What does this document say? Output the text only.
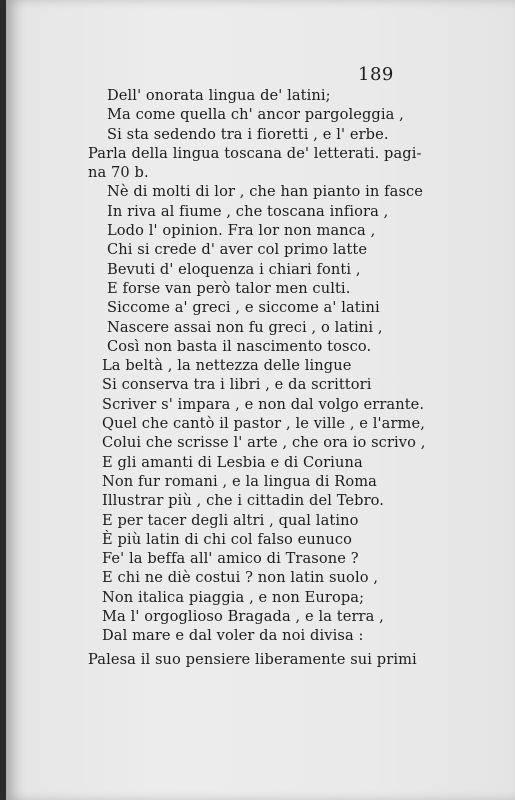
189
Dell' onorata lingua de' latini;
Ma come quella ch' ancor pargoleggia ,
Si sta sedendo tra i fioretti , e l' erbe.
Parla della lingua toscana de' letterati. pagi-
na 70 b.
Nè di molti di lor , che han pianto in fasce
In riva al fiume , che toscana infiora ,
Lodo l' opinion. Fra lor non manca ,
Chi si crede d' aver col primo latte
Bevuti d' eloquenza i chiari fonti ,
E forse van però talor men culti.
Siccome a' greci , e siccome a' latini
Nascere assai non fu greci , o latini ,
Così non basta il nascimento tosco.
La beltà , la nettezza delle lingue
Si conserva tra i libri , e da scrittori
Scriver s' impara , e non dal volgo errante.
Quel che cantò il pastor , le ville , e l'arme,
Colui che scrisse l' arte , che ora io scrivo ,
E gli amanti di Lesbia e di Coriuna
Non fur romani , e la lingua di Roma
Illustrar più , che i cittadin del Tebro.
E per tacer degli altri , qual latino
È più latin di chi col falso eunuco
Fe' la beffa all' amico di Trasone ?
E chi ne diè costui ? non latin suolo ,
Non italica piaggia , e non Europa;
Ma l' orgoglioso Bragada , e la terra ,
Dal mare e dal voler da noi divisa :
Palesa il suo pensiere liberamente sui primi
